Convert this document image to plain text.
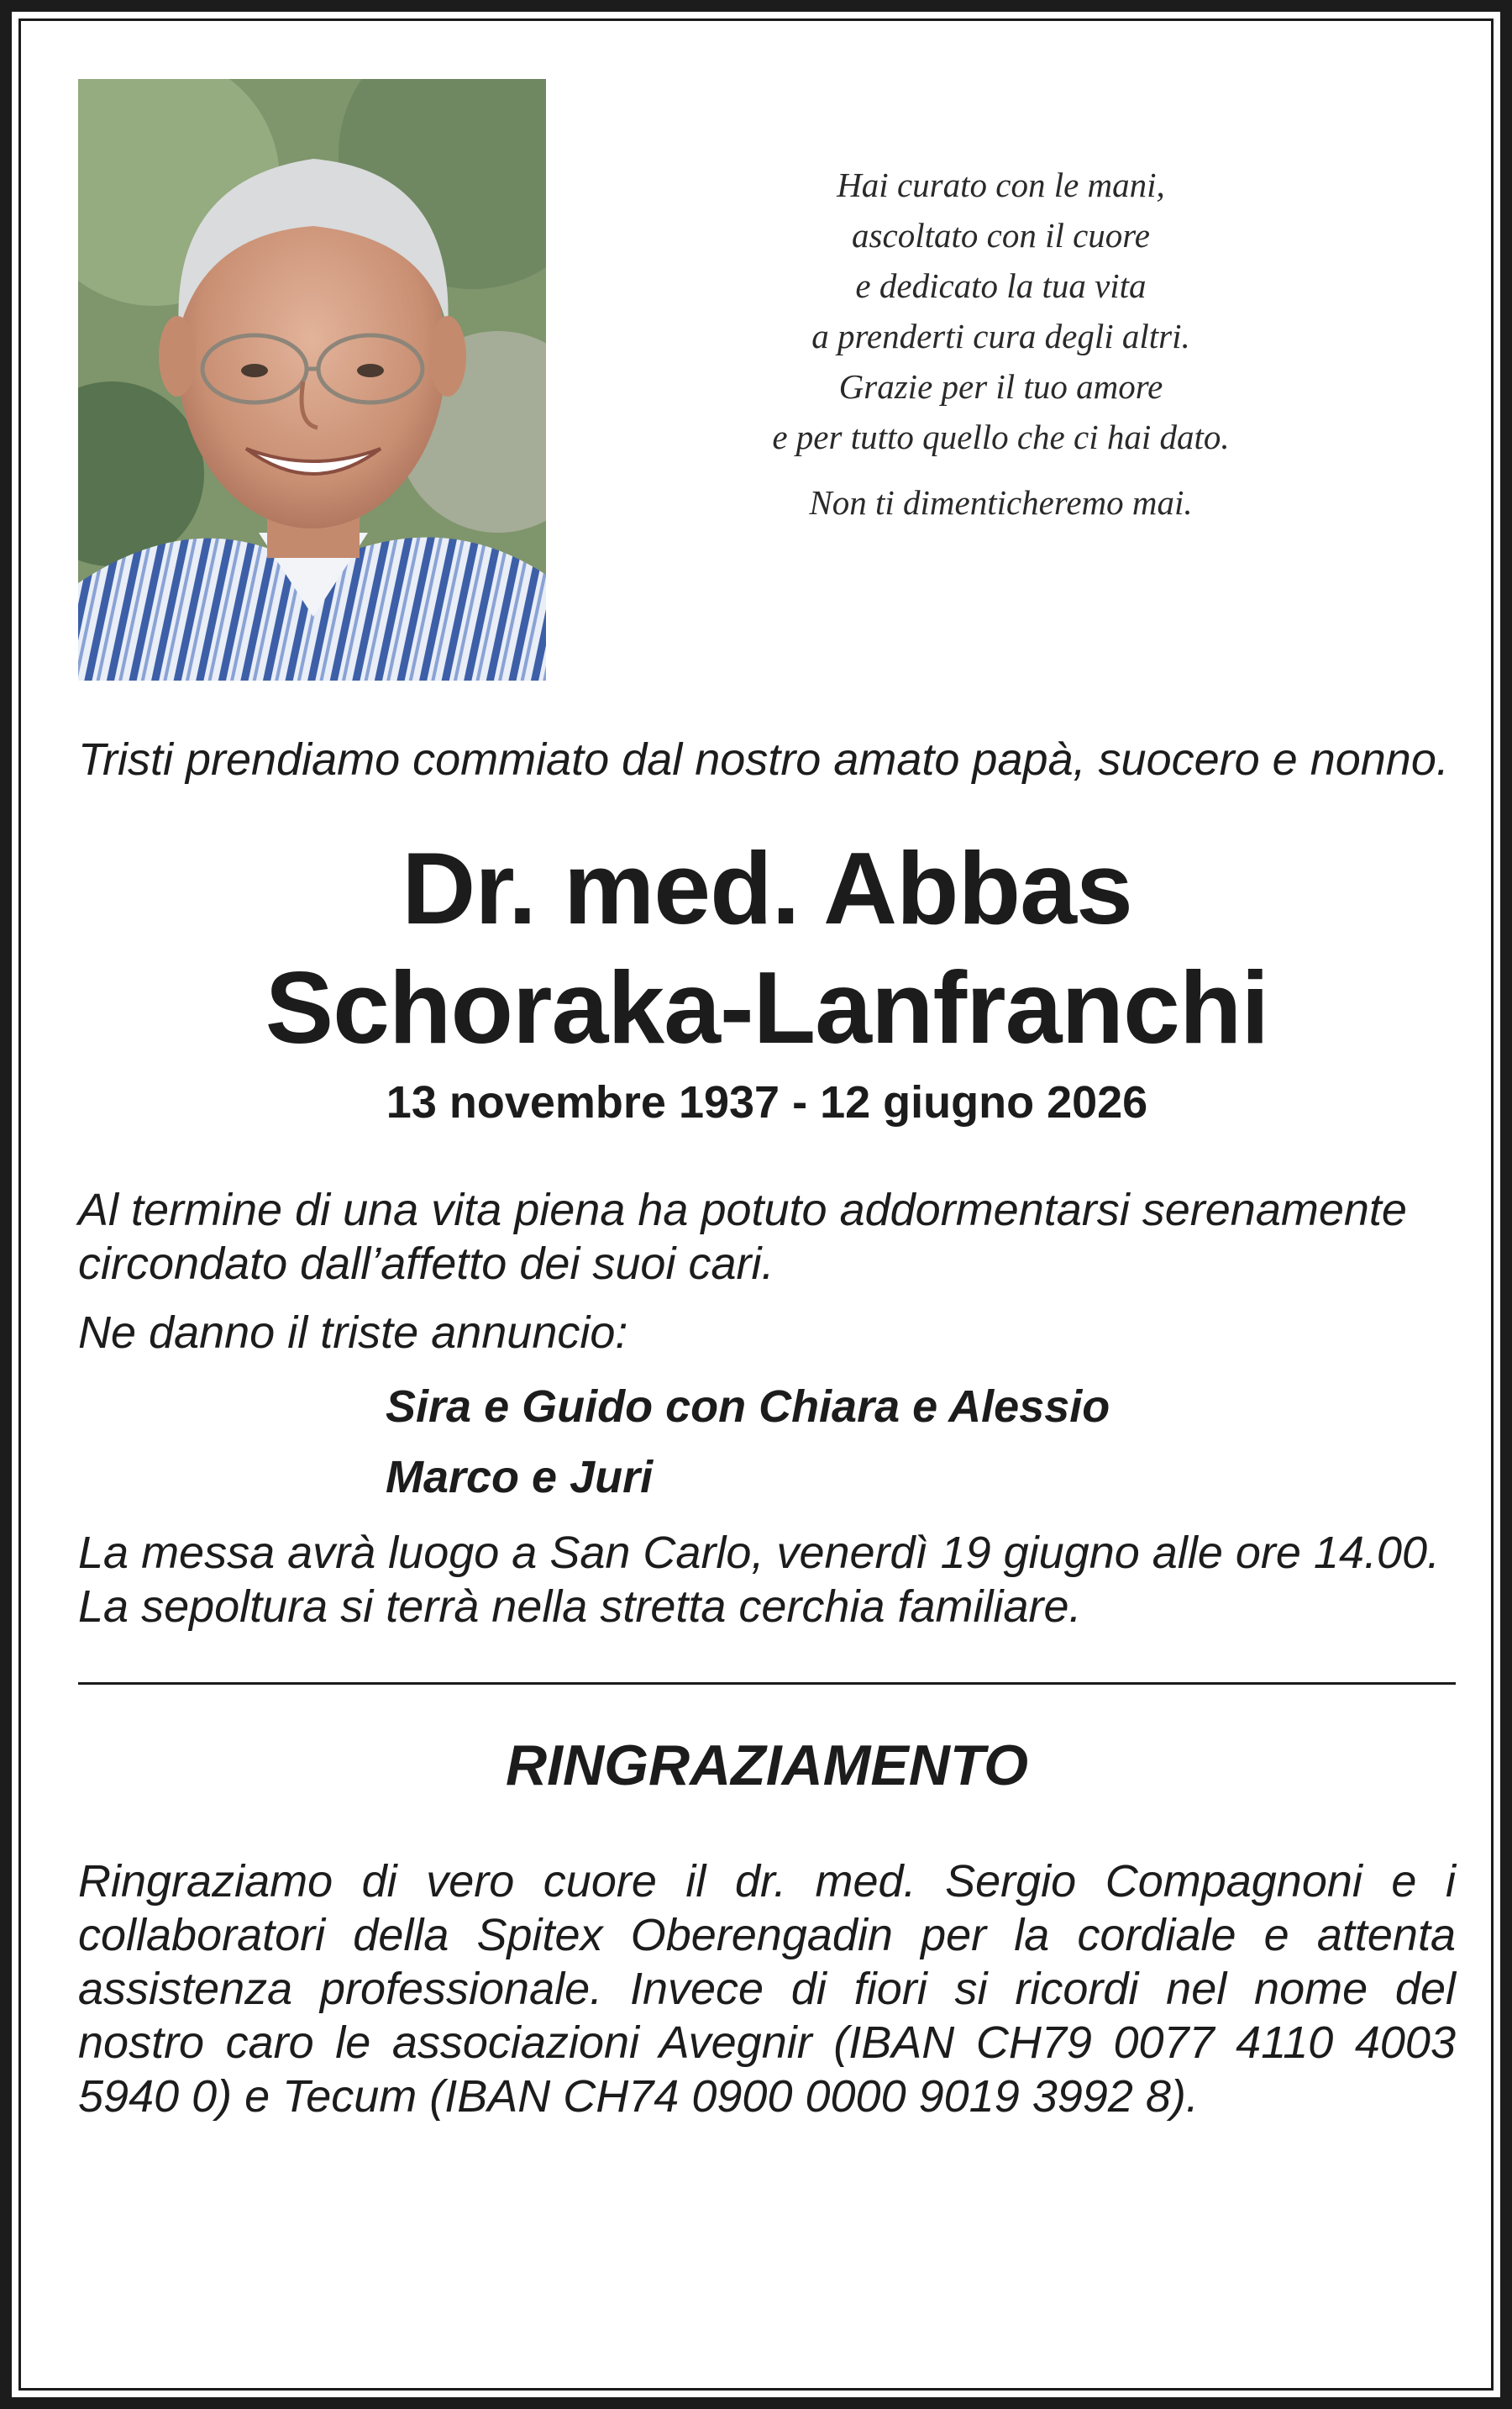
Hai curato con le mani,
ascoltato con il cuore
e dedicato la tua vita
a prenderti cura degli altri.
Grazie per il tuo amore
e per tutto quello che ci hai dato.
Non ti dimenticheremo mai.
Tristi prendiamo commiato dal nostro amato papà, suocero e nonno.
Dr. med. Abbas
Schoraka-Lanfranchi
13 novembre 1937 - 12 giugno 2026
Al termine di una vita piena ha potuto addormentarsi serenamente circondato dall’affetto dei suoi cari.
Ne danno il triste annuncio:
Sira e Guido con Chiara e Alessio
Marco e Juri
La messa avrà luogo a San Carlo, venerdì 19 giugno alle ore 14.00. La sepoltura si terrà nella stretta cerchia familiare.
RINGRAZIAMENTO
Ringraziamo di vero cuore il dr. med. Sergio Compagnoni e i collaboratori della Spitex Oberengadin per la cordiale e attenta assistenza professionale. Invece di fiori si ricordi nel nome del nostro caro le associazioni Avegnir (IBAN CH79 0077 4110 4003 5940 0) e Tecum (IBAN CH74 0900 0000 9019 3992 8).
